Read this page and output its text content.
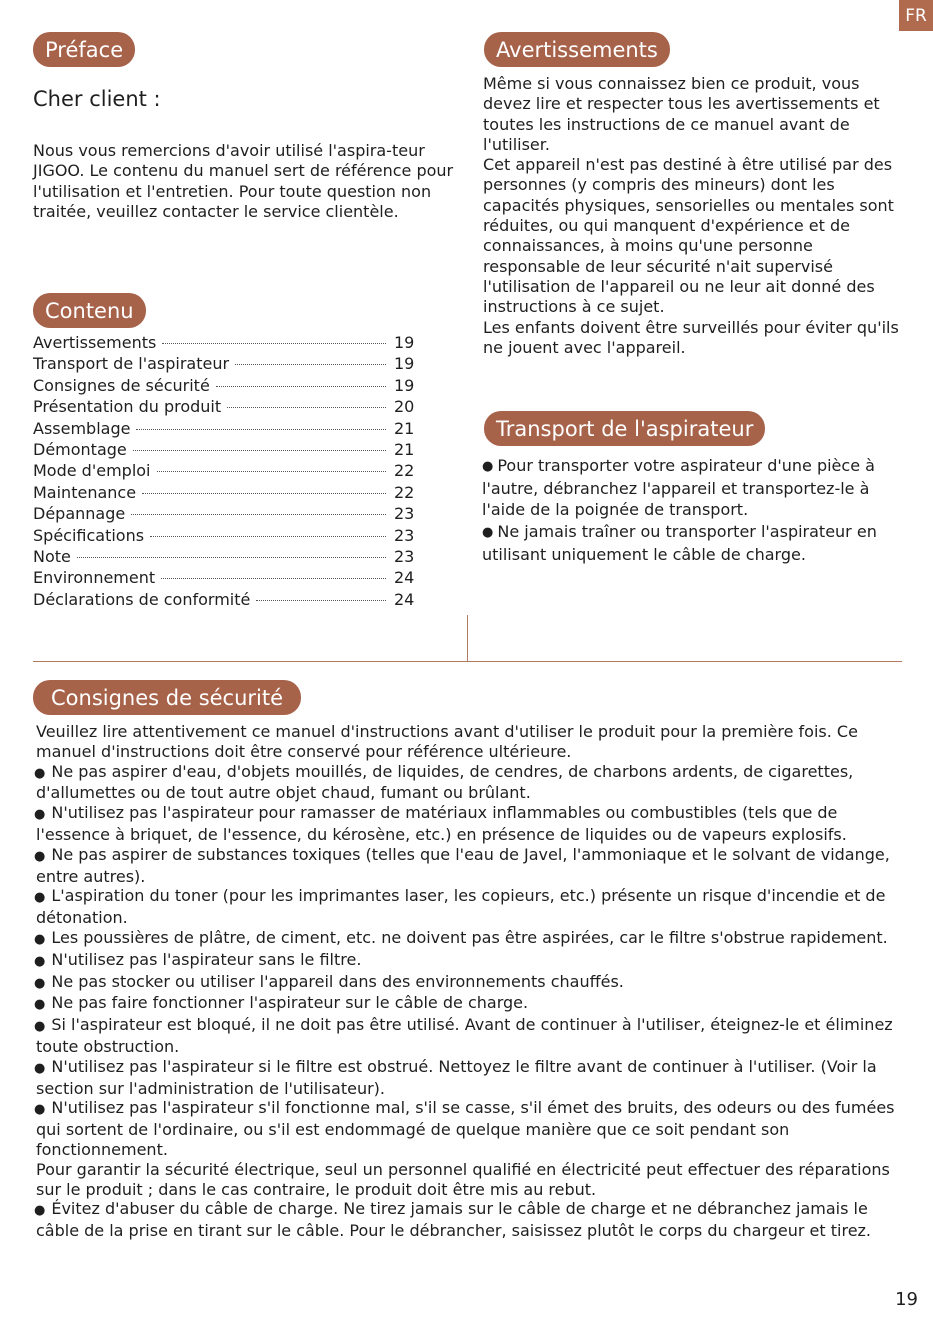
FR
Préface
Cher client :
Nous vous remercions d'avoir utilisé l'aspira-teur JIGOO. Le contenu du manuel sert de référence pour l'utilisation et l'entretien. Pour toute question non traitée, veuillez contacter le service clientèle.
Contenu
Avertissements	19
Transport de l'aspirateur	19
Consignes de sécurité	19
Présentation du produit	20
Assemblage	21
Démontage	21
Mode d'emploi	22
Maintenance	22
Dépannage	23
Spécifications	23
Note	23
Environnement	24
Déclarations de conformité	24
Avertissements
Même si vous connaissez bien ce produit, vous devez lire et respecter tous les avertissements et toutes les instructions de ce manuel avant de l'utiliser.
Cet appareil n'est pas destiné à être utilisé par des personnes (y compris des mineurs) dont les capacités physiques, sensorielles ou mentales sont réduites, ou qui manquent d'expérience et de connaissances, à moins qu'une personne responsable de leur sécurité n'ait supervisé l'utilisation de l'appareil ou ne leur ait donné des instructions à ce sujet.
Les enfants doivent être surveillés pour éviter qu'ils ne jouent avec l'appareil.
Transport de l'aspirateur

● Pour transporter votre aspirateur d'une pièce à l'autre, débranchez l'appareil et transportez-le à l'aide de la poignée de transport.

● Ne jamais traîner ou transporter l'aspirateur en utilisant uniquement le câble de charge.

Consignes de sécurité

Veuillez lire attentivement ce manuel d'instructions avant d'utiliser le produit pour la première fois. Ce manuel d'instructions doit être conservé pour référence ultérieure.

● Ne pas aspirer d'eau, d'objets mouillés, de liquides, de cendres, de charbons ardents, de cigarettes, d'allumettes ou de tout autre objet chaud, fumant ou brûlant.

● N'utilisez pas l'aspirateur pour ramasser de matériaux inflammables ou combustibles (tels que de l'essence à briquet, de l'essence, du kérosène, etc.) en présence de liquides ou de vapeurs explosifs.

● Ne pas aspirer de substances toxiques (telles que l'eau de Javel, l'ammoniaque et le solvant de vidange, entre autres).

● L'aspiration du toner (pour les imprimantes laser, les copieurs, etc.) présente un risque d'incendie et de détonation.

● Les poussières de plâtre, de ciment, etc. ne doivent pas être aspirées, car le filtre s'obstrue rapidement.

● N'utilisez pas l'aspirateur sans le filtre.

● Ne pas stocker ou utiliser l'appareil dans des environnements chauffés.

● Ne pas faire fonctionner l'aspirateur sur le câble de charge.

● Si l'aspirateur est bloqué, il ne doit pas être utilisé. Avant de continuer à l'utiliser, éteignez-le et éliminez toute obstruction.

● N'utilisez pas l'aspirateur si le filtre est obstrué. Nettoyez le filtre avant de continuer à l'utiliser. (Voir la section sur l'administration de l'utilisateur).

● N'utilisez pas l'aspirateur s'il fonctionne mal, s'il se casse, s'il émet des bruits, des odeurs ou des fumées qui sortent de l'ordinaire, ou s'il est endommagé de quelque manière que ce soit pendant son fonctionnement.

Pour garantir la sécurité électrique, seul un personnel qualifié en électricité peut effectuer des réparations sur le produit ; dans le cas contraire, le produit doit être mis au rebut.

● Évitez d'abuser du câble de charge. Ne tirez jamais sur le câble de charge et ne débranchez jamais le câble de la prise en tirant sur le câble. Pour le débrancher, saisissez plutôt le corps du chargeur et tirez.

19
